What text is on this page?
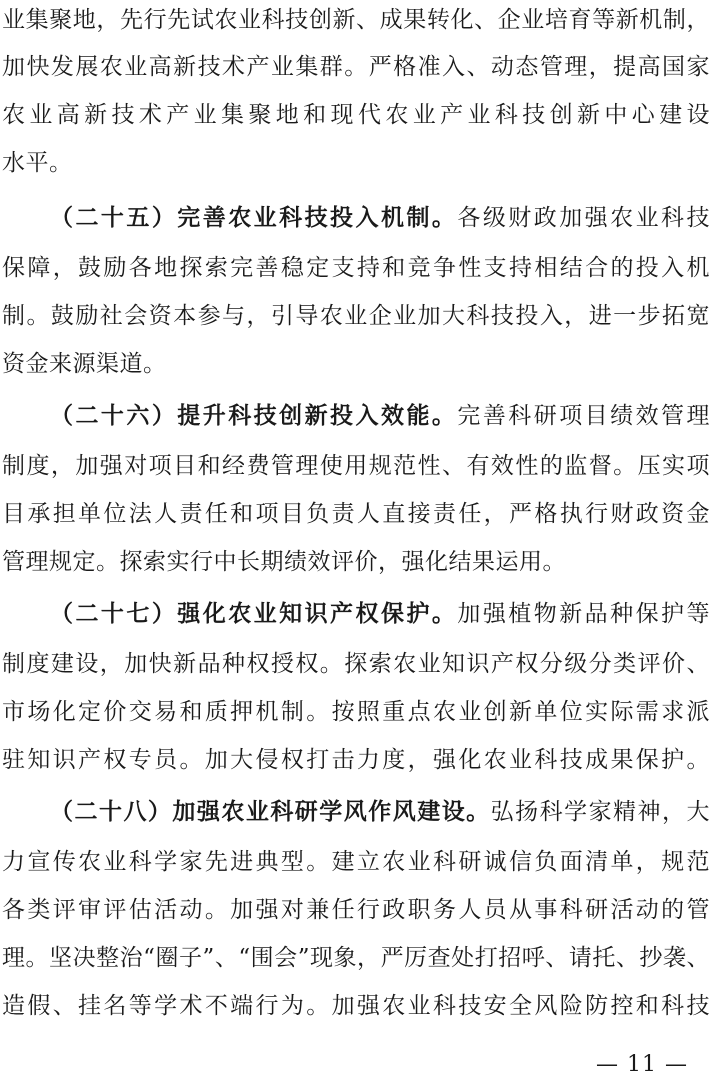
业集聚地，先行先试农业科技创新、成果转化、企业培育等新机制，
加快发展农业高新技术产业集群。严格准入、动态管理，提高国家
农业高新技术产业集聚地和现代农业产业科技创新中心建设
水平。
（二十五）完善农业科技投入机制。各级财政加强农业科技
保障，鼓励各地探索完善稳定支持和竞争性支持相结合的投入机
制。鼓励社会资本参与，引导农业企业加大科技投入，进一步拓宽
资金来源渠道。
（二十六）提升科技创新投入效能。完善科研项目绩效管理
制度，加强对项目和经费管理使用规范性、有效性的监督。压实项
目承担单位法人责任和项目负责人直接责任，严格执行财政资金
管理规定。探索实行中长期绩效评价，强化结果运用。
（二十七）强化农业知识产权保护。加强植物新品种保护等
制度建设，加快新品种权授权。探索农业知识产权分级分类评价、
市场化定价交易和质押机制。按照重点农业创新单位实际需求派
驻知识产权专员。加大侵权打击力度，强化农业科技成果保护。
（二十八）加强农业科研学风作风建设。弘扬科学家精神，大
力宣传农业科学家先进典型。建立农业科研诚信负面清单，规范
各类评审评估活动。加强对兼任行政职务人员从事科研活动的管
理。坚决整治“圈子”、“围会”现象，严厉查处打招呼、请托、抄袭、
造假、挂名等学术不端行为。加强农业科技安全风险防控和科技
— 11 —
